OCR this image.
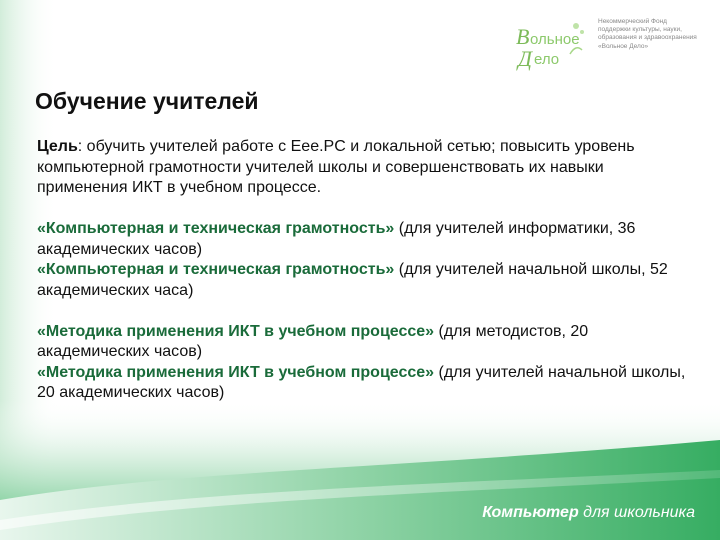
В ольное
Д ело
Некоммерческий Фонд
поддержки культуры, науки,
образования и здравоохранения
«Вольное Дело»
Обучение учителей

Цель: обучить учителей работе с Eee.PC и локальной сетью; повысить уровень компьютерной грамотности учителей школы и совершенствовать их навыки применения ИКТ в учебном процессе.

«Компьютерная и техническая грамотность» (для учителей информатики, 36 академических часов)

«Компьютерная и техническая грамотность» (для учителей начальной школы, 52 академических часа)

«Методика применения ИКТ в учебном процессе» (для методистов, 20 академических часов)

«Методика применения ИКТ в учебном процессе» (для учителей начальной школы, 20 академических часов)

Компьютер для школьника
